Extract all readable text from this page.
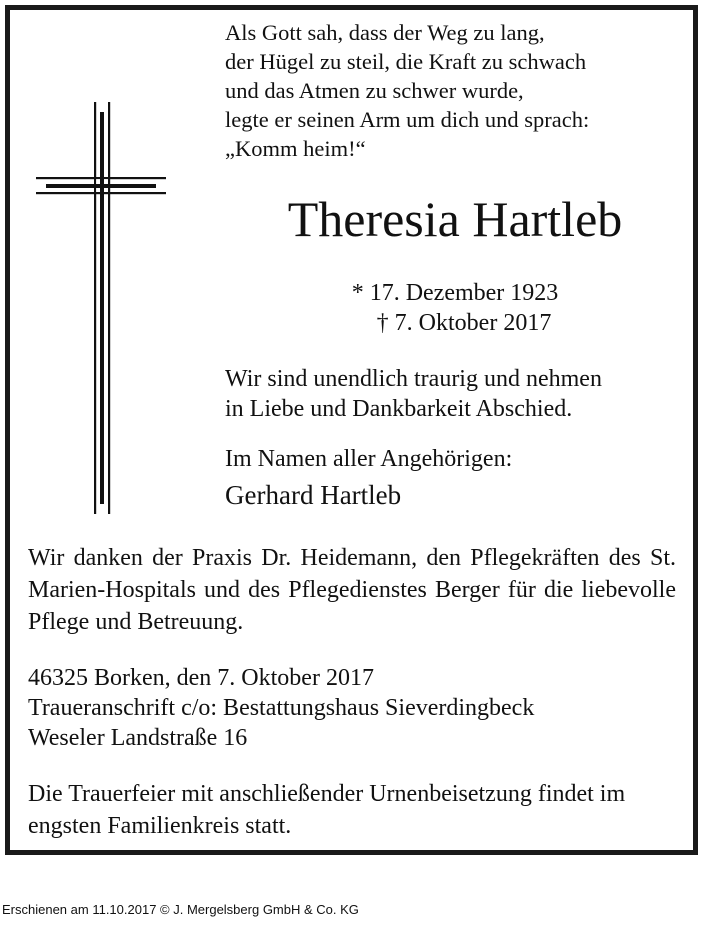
Als Gott sah, dass der Weg zu lang,
der Hügel zu steil, die Kraft zu schwach
und das Atmen zu schwer wurde,
legte er seinen Arm um dich und sprach:
„Komm heim!“
Theresia Hartleb
* 17. Dezember 1923
† 7. Oktober 2017
Wir sind unendlich traurig und nehmen
in Liebe und Dankbarkeit Abschied.
Im Namen aller Angehörigen:
Gerhard Hartleb
Wir danken der Praxis Dr. Heidemann, den Pflegekräften des St. Marien-Hospitals und des Pflegedienstes Berger für die liebevolle Pflege und Betreuung.
46325 Borken, den 7. Oktober 2017
Traueranschrift c/o: Bestattungshaus Sieverdingbeck
Weseler Landstraße 16
Die Trauerfeier mit anschließender Urnenbeisetzung findet im engsten Familienkreis statt.
Erschienen am 11.10.2017 © J. Mergelsberg GmbH & Co. KG
